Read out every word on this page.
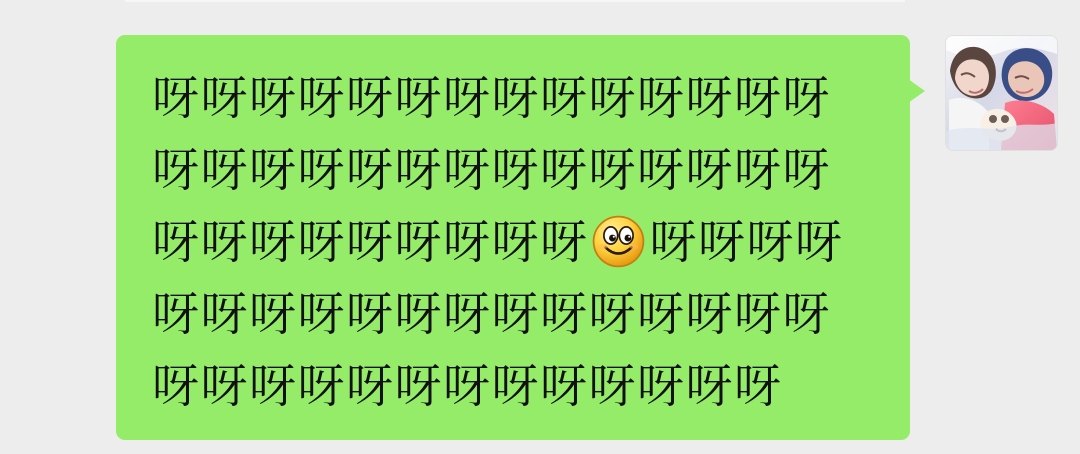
呀呀呀呀呀呀呀呀呀呀呀呀呀呀
呀呀呀呀呀呀呀呀呀呀呀呀呀呀
呀呀呀呀呀呀呀呀呀 呀呀呀呀
呀呀呀呀呀呀呀呀呀呀呀呀呀呀
呀呀呀呀呀呀呀呀呀呀呀呀呀
